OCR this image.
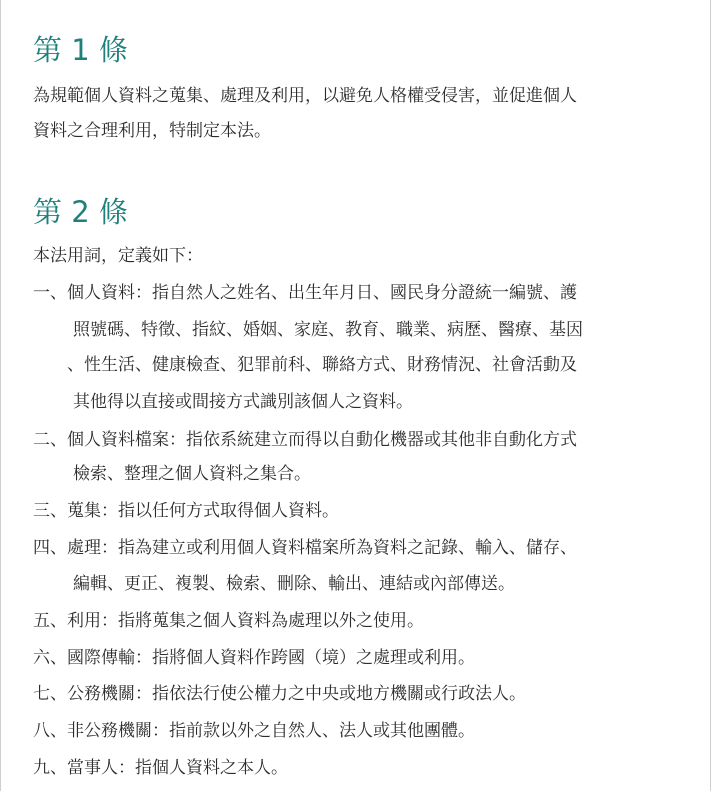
第 1 條

為規範個人資料之蒐集、處理及利用，以避免人格權受侵害，並促進個人

資料之合理利用，特制定本法。

第 2 條

本法用詞，定義如下：

一、個人資料：指自然人之姓名、出生年月日、國民身分證統一編號、護

照號碼、特徵、指紋、婚姻、家庭、教育、職業、病歷、醫療、基因

、性生活、健康檢查、犯罪前科、聯絡方式、財務情況、社會活動及

其他得以直接或間接方式識別該個人之資料。

二、個人資料檔案：指依系統建立而得以自動化機器或其他非自動化方式

檢索、整理之個人資料之集合。

三、蒐集：指以任何方式取得個人資料。

四、處理：指為建立或利用個人資料檔案所為資料之記錄、輸入、儲存、

編輯、更正、複製、檢索、刪除、輸出、連結或內部傳送。

五、利用：指將蒐集之個人資料為處理以外之使用。

六、國際傳輸：指將個人資料作跨國（境）之處理或利用。

七、公務機關：指依法行使公權力之中央或地方機關或行政法人。

八、非公務機關：指前款以外之自然人、法人或其他團體。

九、當事人：指個人資料之本人。
